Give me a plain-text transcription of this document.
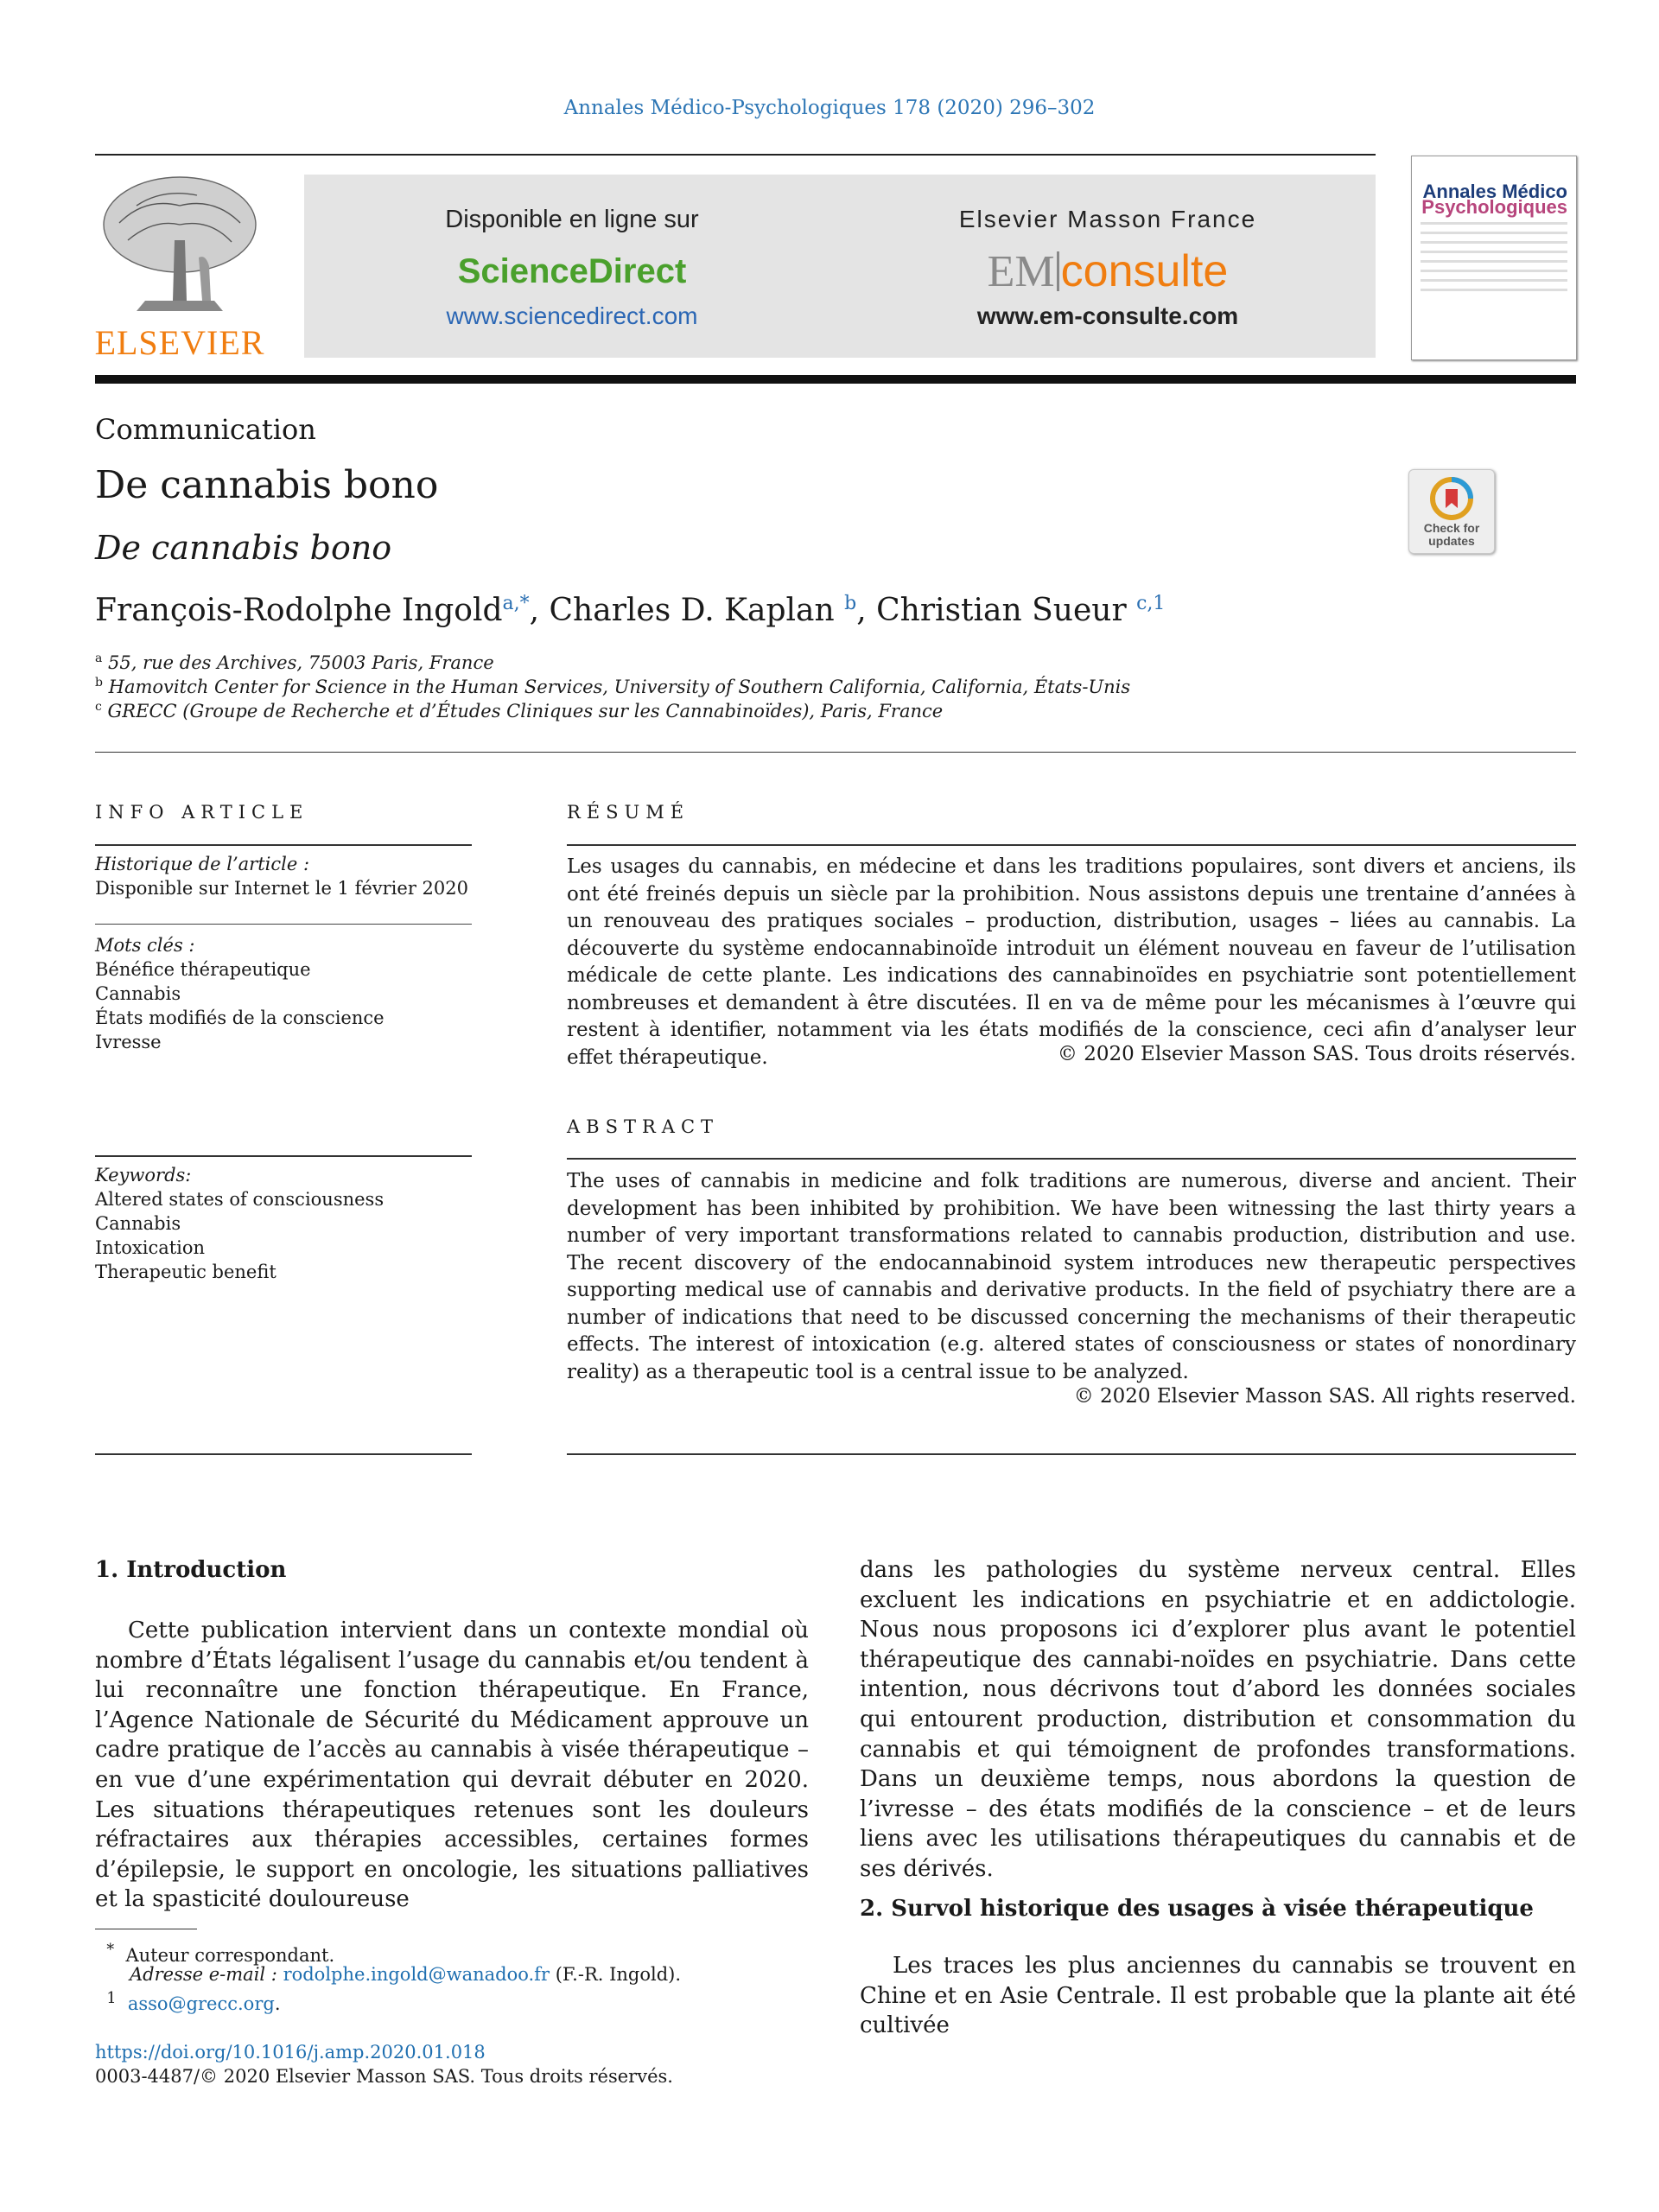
Annales Médico-Psychologiques 178 (2020) 296–302
ELSEVIER
Disponible en ligne sur
ScienceDirect
www.sciencedirect.com
Elsevier Masson France
EM consulte
www.em-consulte.com
Annales Médico
Psychologiques
Communication
De cannabis bono
De cannabis bono
Check for updates
François-Rodolphe Ingold$^{a,*}$, Charles D. Kaplan $^b$, Christian Sueur $^{c,1}$
$^a$ 55, rue des Archives, 75003 Paris, France
$^b$ Hamovitch Center for Science in the Human Services, University of Southern California, California, États-Unis
$^c$ GRECC (Groupe de Recherche et d’Études Cliniques sur les Cannabinoïdes), Paris, France
INFO ARTICLE	RÉSUMÉ
Historique de l’article :
Disponible sur Internet le 1 février 2020
Mots clés :
Bénéfice thérapeutique
Cannabis
États modifiés de la conscience
Ivresse
Les usages du cannabis, en médecine et dans les traditions populaires, sont divers et anciens, ils ont été freinés depuis un siècle par la prohibition. Nous assistons depuis une trentaine d’années à un renouveau des pratiques sociales – production, distribution, usages – liées au cannabis. La découverte du système endocannabinoïde introduit un élément nouveau en faveur de l’utilisation médicale de cette plante. Les indications des cannabinoïdes en psychiatrie sont potentiellement nombreuses et demandent à être discutées. Il en va de même pour les mécanismes à l’œuvre qui restent à identifier, notamment via les états modifiés de la conscience, ceci afin d’analyser leur effet thérapeutique.	© 2020 Elsevier Masson SAS. Tous droits réservés.
ABSTRACT
Keywords:
Altered states of consciousness
Cannabis
Intoxication
Therapeutic benefit
The uses of cannabis in medicine and folk traditions are numerous, diverse and ancient. Their development has been inhibited by prohibition. We have been witnessing the last thirty years a number of very important transformations related to cannabis production, distribution and use. The recent discovery of the endocannabinoid system introduces new therapeutic perspectives supporting medical use of cannabis and derivative products. In the field of psychiatry there are a number of indications that need to be discussed concerning the mechanisms of their therapeutic effects. The interest of intoxication (e.g. altered states of consciousness or states of nonordinary reality) as a therapeutic tool is a central issue to be analyzed.
© 2020 Elsevier Masson SAS. All rights reserved.
1. Introduction
Cette publication intervient dans un contexte mondial où nombre d’États légalisent l’usage du cannabis et/ou tendent à lui reconnaître une fonction thérapeutique. En France, l’Agence Nationale de Sécurité du Médicament approuve un cadre pratique de l’accès au cannabis à visée thérapeutique – en vue d’une expérimentation qui devrait débuter en 2020. Les situations thérapeutiques retenues sont les douleurs réfractaires aux thérapies accessibles, certaines formes d’épilepsie, le support en oncologie, les situations palliatives et la spasticité douloureuse
dans les pathologies du système nerveux central. Elles excluent les indications en psychiatrie et en addictologie. Nous nous proposons ici d’explorer plus avant le potentiel thérapeutique des cannabi-noïdes en psychiatrie. Dans cette intention, nous décrivons tout d’abord les données sociales qui entourent production, distribution et consommation du cannabis et qui témoignent de profondes transformations. Dans un deuxième temps, nous abordons la question de l’ivresse – des états modifiés de la conscience – et de leurs liens avec les utilisations thérapeutiques du cannabis et de ses dérivés.
2. Survol historique des usages à visée thérapeutique
Les traces les plus anciennes du cannabis se trouvent en Chine et en Asie Centrale. Il est probable que la plante ait été cultivée
* Auteur correspondant.
Adresse e-mail : rodolphe.ingold@wanadoo.fr (F.-R. Ingold).
$^1$ asso@grecc.org.
https://doi.org/10.1016/j.amp.2020.01.018
0003-4487/© 2020 Elsevier Masson SAS. Tous droits réservés.
